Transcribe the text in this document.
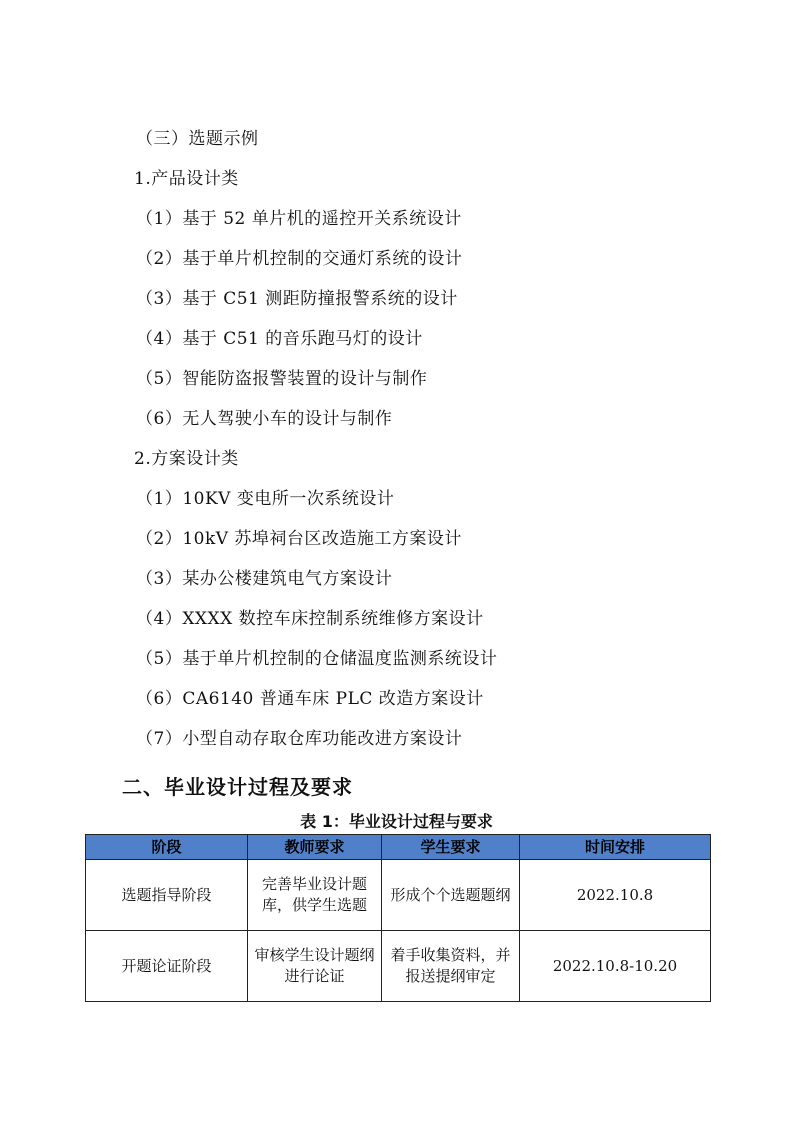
（三）选题示例
1.产品设计类
（1）基于 52 单片机的遥控开关系统设计
（2）基于单片机控制的交通灯系统的设计
（3）基于 C51 测距防撞报警系统的设计
（4）基于 C51 的音乐跑马灯的设计
（5）智能防盗报警装置的设计与制作
（6）无人驾驶小车的设计与制作
2.方案设计类
（1）10KV 变电所一次系统设计
（2）10kV 苏埠祠台区改造施工方案设计
（3）某办公楼建筑电气方案设计
（4）XXXX 数控车床控制系统维修方案设计
（5）基于单片机控制的仓储温度监测系统设计
（6）CA6140 普通车床 PLC 改造方案设计
（7）小型自动存取仓库功能改进方案设计
二、毕业设计过程及要求
表 1：毕业设计过程与要求
阶段	教师要求	学生要求	时间安排
选题指导阶段	完善毕业设计题库，供学生选题	形成个个选题题纲	2022.10.8
开题论证阶段	审核学生设计题纲进行论证	着手收集资料，并报送提纲审定	2022.10.8-10.20
